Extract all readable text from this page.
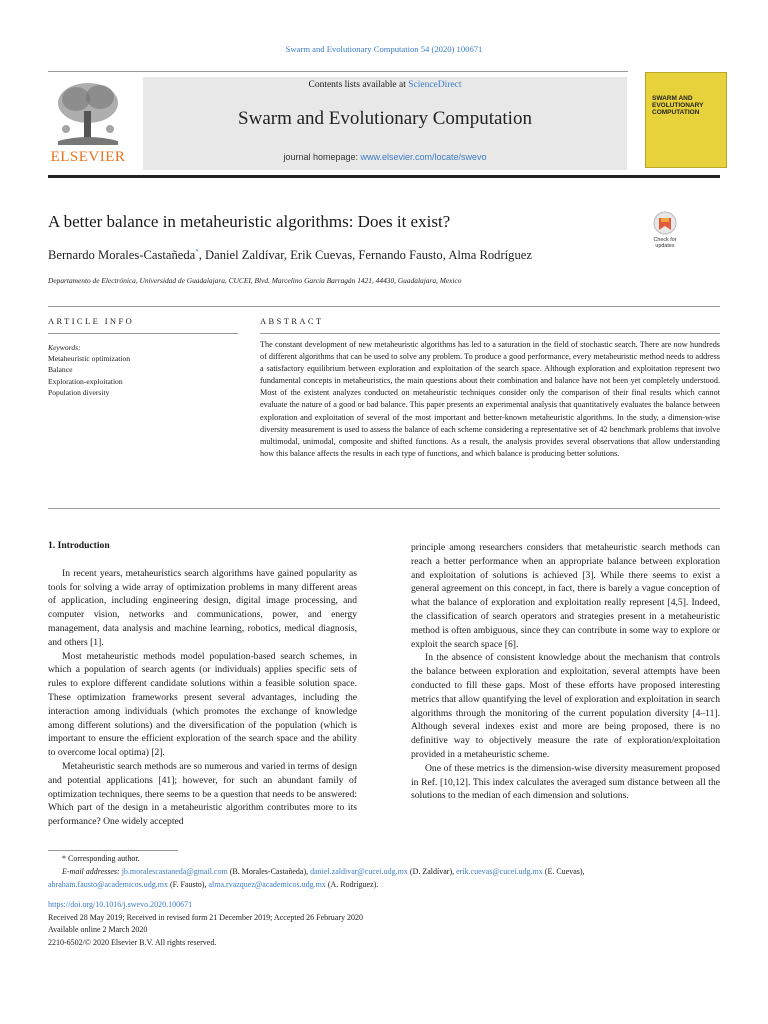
Swarm and Evolutionary Computation 54 (2020) 100671
ELSEVIER
Contents lists available at ScienceDirect
Swarm and Evolutionary Computation
journal homepage: www.elsevier.com/locate/swevo
SWARM AND EVOLUTIONARY COMPUTATION
A better balance in metaheuristic algorithms: Does it exist?
Check for updates
Bernardo Morales-Castañeda*, Daniel Zaldívar, Erik Cuevas, Fernando Fausto, Alma Rodríguez
Departamento de Electrónica, Universidad de Guadalajara, CUCEI, Blvd. Marcelino García Barragán 1421, 44430, Guadalajara, Mexico
ARTICLE INFO	ABSTRACT
Keywords:
Metaheuristic optimization
Balance
Exploration-exploitation
Population diversity
The constant development of new metaheuristic algorithms has led to a saturation in the field of stochastic search. There are now hundreds of different algorithms that can be used to solve any problem. To produce a good performance, every metaheuristic method needs to address a satisfactory equilibrium between exploration and exploitation of the search space. Although exploration and exploitation represent two fundamental concepts in metaheuristics, the main questions about their combination and balance have not been yet completely understood. Most of the existent analyzes conducted on metaheuristic techniques consider only the comparison of their final results which cannot evaluate the nature of a good or bad balance. This paper presents an experimental analysis that quantitatively evaluates the balance between exploration and exploitation of several of the most important and better-known metaheuristic algorithms. In the study, a dimension-wise diversity measurement is used to assess the balance of each scheme considering a representative set of 42 benchmark problems that involve multimodal, unimodal, composite and shifted functions. As a result, the analysis provides several observations that allow understanding how this balance affects the results in each type of functions, and which balance is producing better solutions.

1. Introduction

In recent years, metaheuristics search algorithms have gained popularity as tools for solving a wide array of optimization problems in many different areas of application, including engineering design, digital image processing, and computer vision, networks and communications, power, and energy management, data analysis and machine learning, robotics, medical diagnosis, and others [1].

Most metaheuristic methods model population-based search schemes, in which a population of search agents (or individuals) applies specific sets of rules to explore different candidate solutions within a feasible solution space. These optimization frameworks present several advantages, including the interaction among individuals (which promotes the exchange of knowledge among different solutions) and the diversification of the population (which is important to ensure the efficient exploration of the search space and the ability to overcome local optima) [2].

Metaheuristic search methods are so numerous and varied in terms of design and potential applications [41]; however, for such an abundant family of optimization techniques, there seems to be a question that needs to be answered: Which part of the design in a metaheuristic algorithm contributes more to its performance? One widely accepted

principle among researchers considers that metaheuristic search methods can reach a better performance when an appropriate balance between exploration and exploitation of solutions is achieved [3]. While there seems to exist a general agreement on this concept, in fact, there is barely a vague conception of what the balance of exploration and exploitation really represent [4,5]. Indeed, the classification of search operators and strategies present in a metaheuristic method is often ambiguous, since they can contribute in some way to explore or exploit the search space [6].

In the absence of consistent knowledge about the mechanism that controls the balance between exploration and exploitation, several attempts have been conducted to fill these gaps. Most of these efforts have proposed interesting metrics that allow quantifying the level of exploration and exploitation in search algorithms through the monitoring of the current population diversity [4–11]. Although several indexes exist and more are being proposed, there is no definitive way to objectively measure the rate of exploration/exploitation provided in a metaheuristic scheme.

One of these metrics is the dimension-wise diversity measurement proposed in Ref. [10,12]. This index calculates the averaged sum distance between all the solutions to the median of each dimension and solutions.

* Corresponding author.
E-mail addresses: jb.moralescastaneda@gmail.com (B. Morales-Castañeda), daniel.zaldivar@cucei.udg.mx (D. Zaldívar), erik.cuevas@cucei.udg.mx (E. Cuevas),
abraham.fausto@academicos.udg.mx (F. Fausto), alma.rvazquez@academicos.udg.mx (A. Rodríguez).
https://doi.org/10.1016/j.swevo.2020.100671
Received 28 May 2019; Received in revised form 21 December 2019; Accepted 26 February 2020
Available online 2 March 2020
2210-6502/© 2020 Elsevier B.V. All rights reserved.
